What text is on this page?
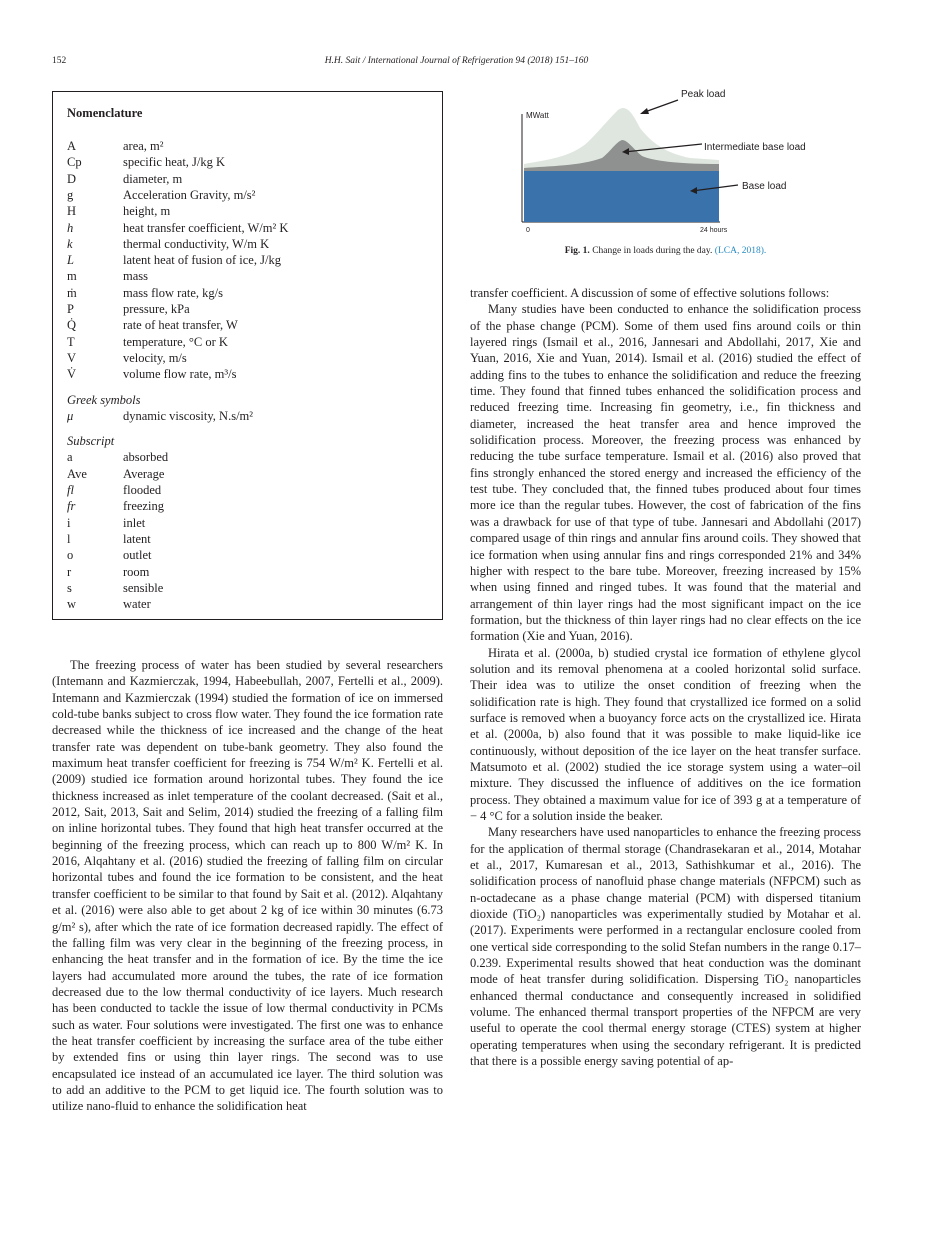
152	H.H. Sait / International Journal of Refrigeration 94 (2018) 151–160
Nomenclature
A	area, m²
Cp	specific heat, J/kg K
D	diameter, m
g	Acceleration Gravity, m/s²
H	height, m
h	heat transfer coefficient, W/m² K
k	thermal conductivity, W/m K
L	latent heat of fusion of ice, J/kg
m	mass
ṁ	mass flow rate, kg/s
P	pressure, kPa
Q̇	rate of heat transfer, W
T	temperature, °C or K
V	velocity, m/s
V̇	volume flow rate, m³/s
Greek symbols
μ	dynamic viscosity, N.s/m²
Subscript
a	absorbed
Ave	Average
fl	flooded
fr	freezing
i	inlet
l	latent
o	outlet
r	room
s	sensible
w	water
MWatt
0	24 hours
Peak load
Intermediate base load
Base load
Fig. 1. Change in loads during the day. (LCA, 2018).

The freezing process of water has been studied by several researchers (Intemann and Kazmierczak, 1994, Habeebullah, 2007, Fertelli et al., 2009). Intemann and Kazmierczak (1994) studied the formation of ice on immersed cold-tube banks subject to cross flow water. They found the ice formation rate decreased while the thickness of ice increased and the change of the heat transfer rate was dependent on tube-bank geometry. They also found the maximum heat transfer coefficient for freezing is 754 W/m² K. Fertelli et al. (2009) studied ice formation around horizontal tubes. They found the ice thickness increased as inlet temperature of the coolant decreased. (Sait et al., 2012, Sait, 2013, Sait and Selim, 2014) studied the freezing of a falling film on inline horizontal tubes. They found that high heat transfer occurred at the beginning of the freezing process, which can reach up to 800 W/m² K. In 2016, Alqahtany et al. (2016) studied the freezing of falling film on circular horizontal tubes and found the ice formation to be consistent, and the heat transfer coefficient to be similar to that found by Sait et al. (2012). Alqahtany et al. (2016) were also able to get about 2 kg of ice within 30 minutes (6.73 g/m² s), after which the rate of ice formation decreased rapidly. The effect of the falling film was very clear in the beginning of the freezing process, in enhancing the heat transfer and in the formation of ice. By the time the ice layers had accumulated more around the tubes, the rate of ice formation decreased due to the low thermal conductivity of ice layers. Much research has been conducted to tackle the issue of low thermal conductivity in PCMs such as water. Four solutions were investigated. The first one was to enhance the heat transfer coefficient by increasing the surface area of the tube either by extended fins or using thin layer rings. The second was to use encapsulated ice instead of an accumulated ice layer. The third solution was to add an additive to the PCM to get liquid ice. The fourth solution was to utilize nano-fluid to enhance the solidification heat

transfer coefficient. A discussion of some of effective solutions follows:

Many studies have been conducted to enhance the solidification process of the phase change (PCM). Some of them used fins around coils or thin layered rings (Ismail et al., 2016, Jannesari and Abdollahi, 2017, Xie and Yuan, 2016, Xie and Yuan, 2014). Ismail et al. (2016) studied the effect of adding fins to the tubes to enhance the solidification and reduce the freezing time. They found that finned tubes enhanced the solidification process and reduced freezing time. Increasing fin geometry, i.e., fin thickness and diameter, increased the heat transfer area and hence improved the solidification process. Moreover, the freezing process was enhanced by reducing the tube surface temperature. Ismail et al. (2016) also proved that fins strongly enhanced the stored energy and increased the efficiency of the test tube. They concluded that, the finned tubes produced about four times more ice than the regular tubes. However, the cost of fabrication of the fins was a drawback for use of that type of tube. Jannesari and Abdollahi (2017) compared usage of thin rings and annular fins around coils. They showed that ice formation when using annular fins and rings corresponded 21% and 34% higher with respect to the bare tube. Moreover, freezing increased by 15% when using finned and ringed tubes. It was found that the material and arrangement of thin layer rings had the most significant impact on the ice formation, but the thickness of thin layer rings had no clear effects on the ice formation (Xie and Yuan, 2016).

Hirata et al. (2000a, b) studied crystal ice formation of ethylene glycol solution and its removal phenomena at a cooled horizontal solid surface. Their idea was to utilize the onset condition of freezing when the solidification rate is high. They found that crystallized ice formed on a solid surface is removed when a buoyancy force acts on the crystallized ice. Hirata et al. (2000a, b) also found that it was possible to make liquid-like ice continuously, without deposition of the ice layer on the heat transfer surface. Matsumoto et al. (2002) studied the ice storage system using a water–oil mixture. They discussed the influence of additives on the ice formation process. They obtained a maximum value for ice of 393 g at a temperature of − 4 °C for a solution inside the beaker.

Many researchers have used nanoparticles to enhance the freezing process for the application of thermal storage (Chandrasekaran et al., 2014, Motahar et al., 2017, Kumaresan et al., 2013, Sathishkumar et al., 2016). The solidification process of nanofluid phase change materials (NFPCM) such as n-octadecane as a phase change material (PCM) with dispersed titanium dioxide (TiO₂) nanoparticles was experimentally studied by Motahar et al. (2017). Experiments were performed in a rectangular enclosure cooled from one vertical side corresponding to the solid Stefan numbers in the range 0.17–0.239. Experimental results showed that heat conduction was the dominant mode of heat transfer during solidification. Dispersing TiO₂ nanoparticles enhanced thermal conductance and consequently increased in solidified volume. The enhanced thermal transport properties of the NFPCM are very useful to operate the cool thermal energy storage (CTES) system at higher operating temperatures when using the secondary refrigerant. It is predicted that there is a possible energy saving potential of ap-
